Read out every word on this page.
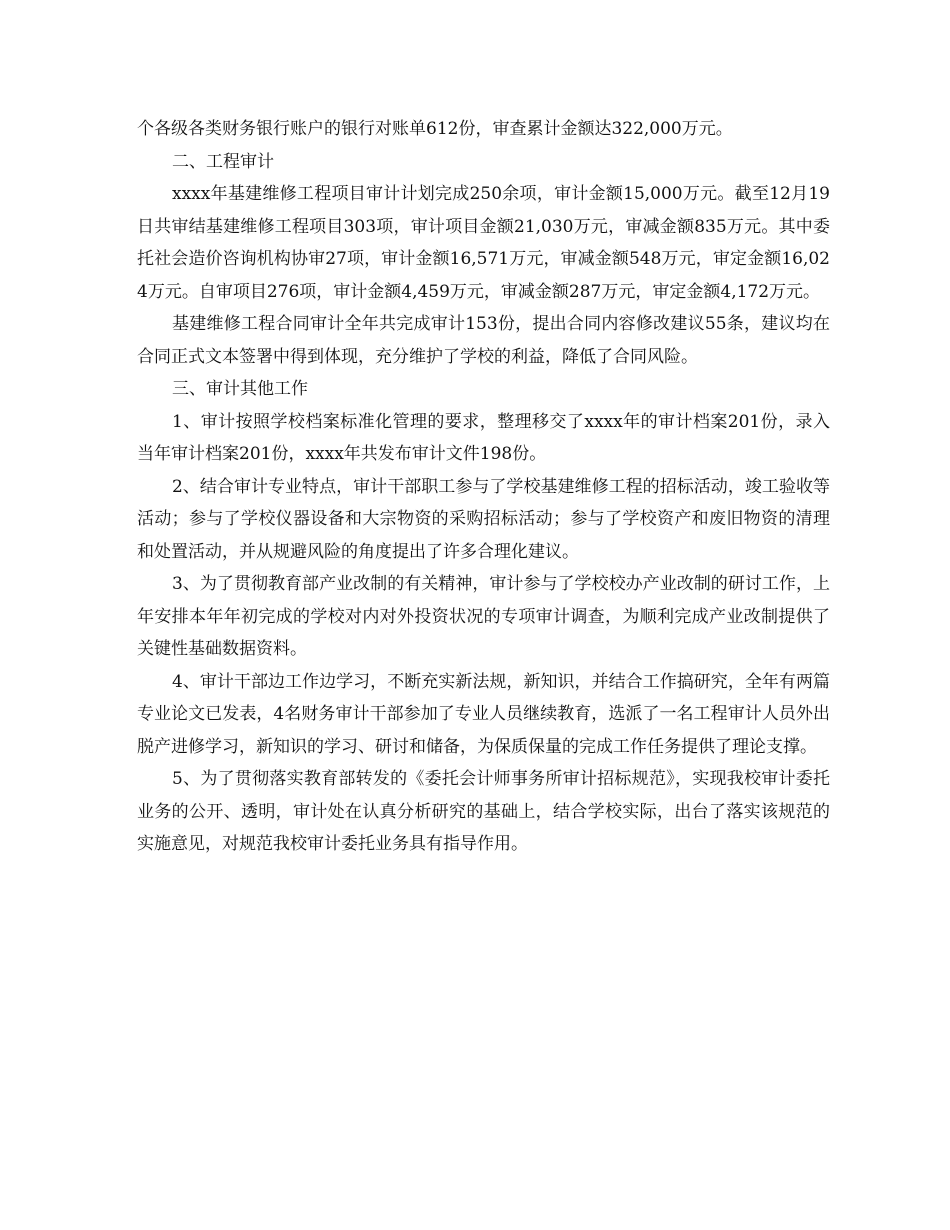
个各级各类财务银行账户的银行对账单612份，审查累计金额达322,000万元。

二、工程审计

xxxx年基建维修工程项目审计计划完成250余项，审计金额15,000万元。截至12月19日共审结基建维修工程项目303项，审计项目金额21,030万元，审减金额835万元。其中委托社会造价咨询机构协审27项，审计金额16,571万元，审减金额548万元，审定金额16,024万元。自审项目276项，审计金额4,459万元，审减金额287万元，审定金额4,172万元。

基建维修工程合同审计全年共完成审计153份，提出合同内容修改建议55条，建议均在合同正式文本签署中得到体现，充分维护了学校的利益，降低了合同风险。

三、审计其他工作

1、审计按照学校档案标准化管理的要求，整理移交了xxxx年的审计档案201份，录入当年审计档案201份，xxxx年共发布审计文件198份。

2、结合审计专业特点，审计干部职工参与了学校基建维修工程的招标活动，竣工验收等活动；参与了学校仪器设备和大宗物资的采购招标活动；参与了学校资产和废旧物资的清理和处置活动，并从规避风险的角度提出了许多合理化建议。

3、为了贯彻教育部产业改制的有关精神，审计参与了学校校办产业改制的研讨工作，上年安排本年年初完成的学校对内对外投资状况的专项审计调查，为顺利完成产业改制提供了关键性基础数据资料。

4、审计干部边工作边学习，不断充实新法规，新知识，并结合工作搞研究，全年有两篇专业论文已发表，4名财务审计干部参加了专业人员继续教育，选派了一名工程审计人员外出脱产进修学习，新知识的学习、研讨和储备，为保质保量的完成工作任务提供了理论支撑。

5、为了贯彻落实教育部转发的《委托会计师事务所审计招标规范》，实现我校审计委托业务的公开、透明，审计处在认真分析研究的基础上，结合学校实际，出台了落实该规范的实施意见，对规范我校审计委托业务具有指导作用。
